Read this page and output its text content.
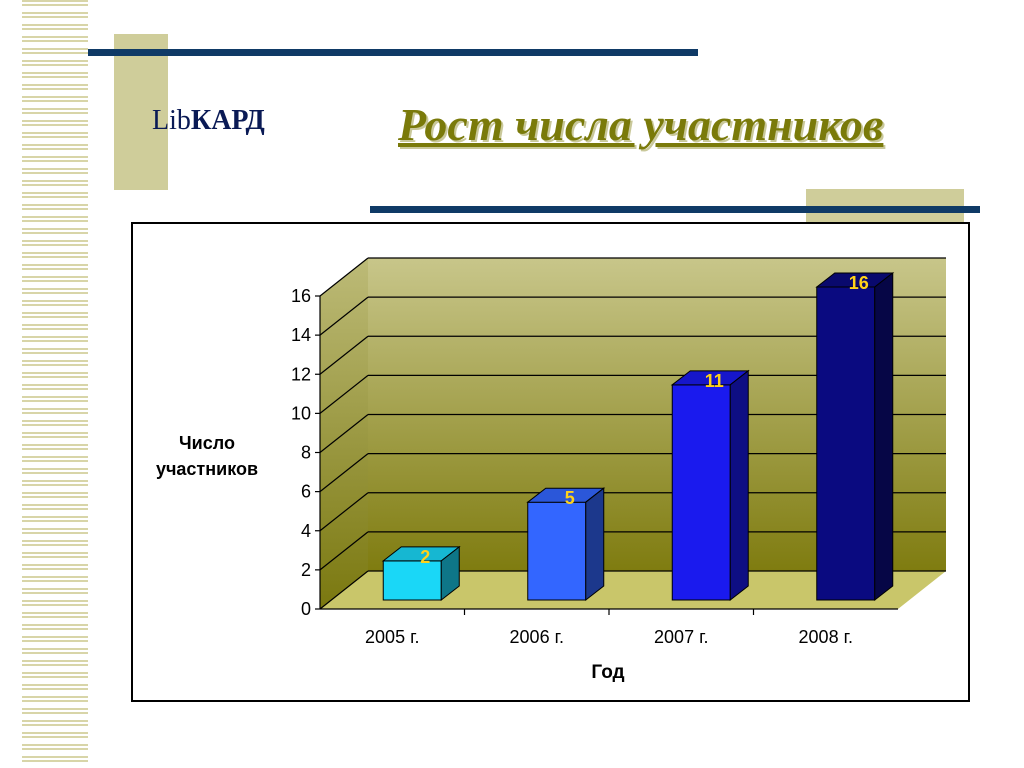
LibКАРД	Рост числа участников
0
2
4
6
8
10
12
14
16
2
2005 г.
5
2006 г.
11
2007 г.
16
2008 г.
Число
участников
Год
